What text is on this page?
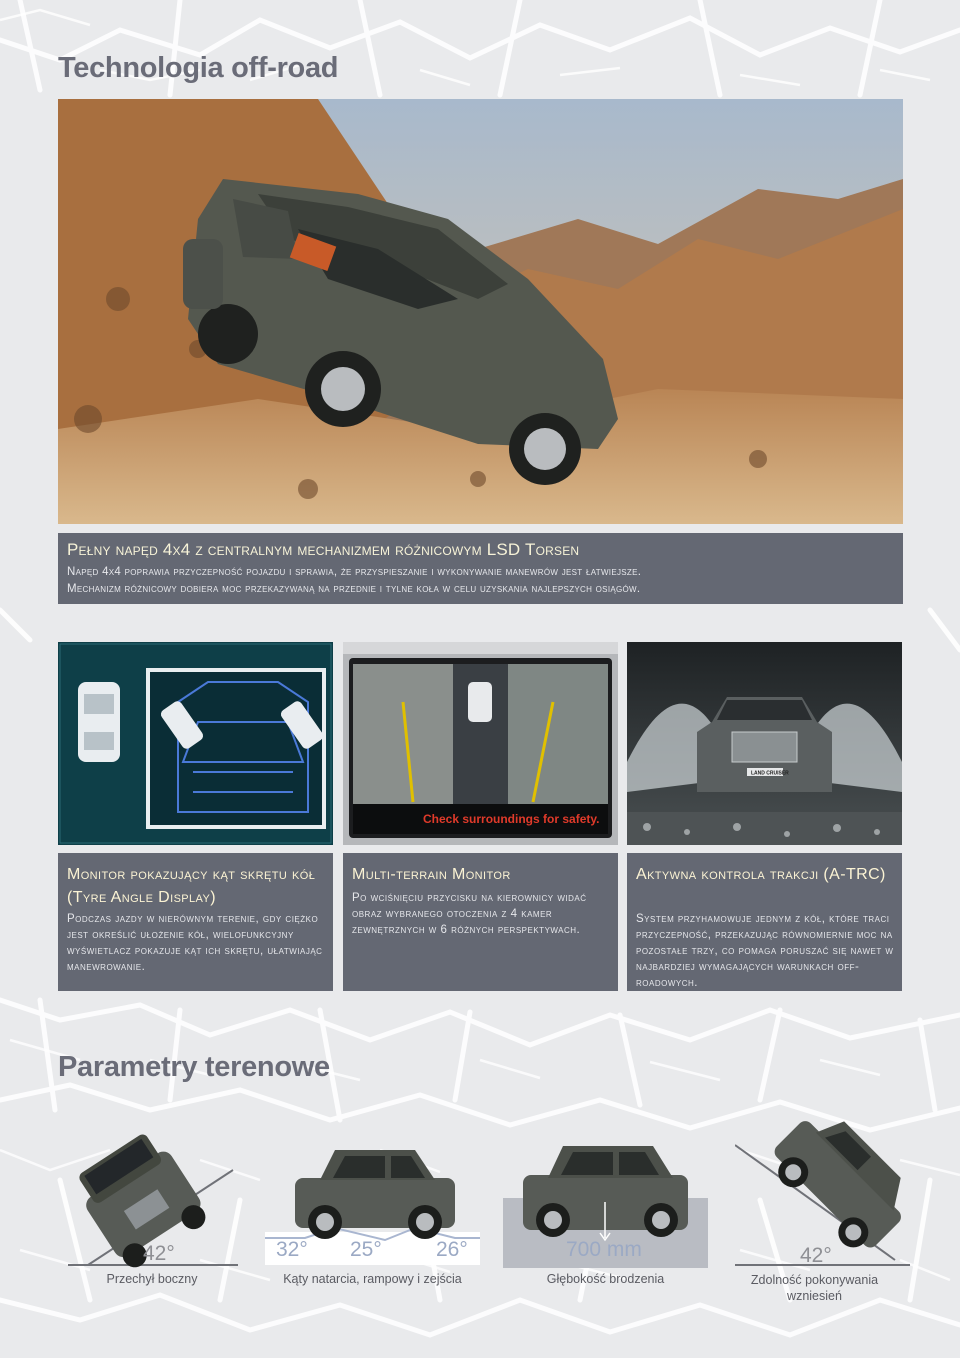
Technologia off-road
Pełny napęd 4x4 z centralnym mechanizmem różnicowym LSD Torsen
Napęd 4x4 poprawia przyczepność pojazdu i sprawia, że przyspieszanie i wykonywanie manewrów jest łatwiejsze.
Mechanizm różnicowy dobiera moc przekazywaną na przednie i tylne koła w celu uzyskania najlepszych osiągów.
Check surroundings for safety.
LAND CRUISER
Monitor pokazujący kąt skrętu kół (Tyre Angle Display)
Podczas jazdy w nierównym terenie, gdy ciężko jest określić ułożenie kół, wielofunkcyjny wyświetlacz pokazuje kąt ich skrętu, ułatwiając manewrowanie.
Multi-terrain Monitor
Po wciśnięciu przycisku na kierownicy widać obraz wybranego otoczenia z 4 kamer zewnętrznych w 6 różnych perspektywach.
Aktywna kontrola trakcji (A-TRC)
System przyhamowuje jednym z kół, które traci przyczepność, przekazując równomiernie moc na pozostałe trzy, co pomaga poruszać się nawet w najbardziej wymagających warunkach off-roadowych.
Parametry terenowe
42°
Przechył boczny
32° 25°	26°
Kąty natarcia, rampowy i zejścia
700 mm
Głębokość brodzenia
42°
Zdolność pokonywania wzniesień
